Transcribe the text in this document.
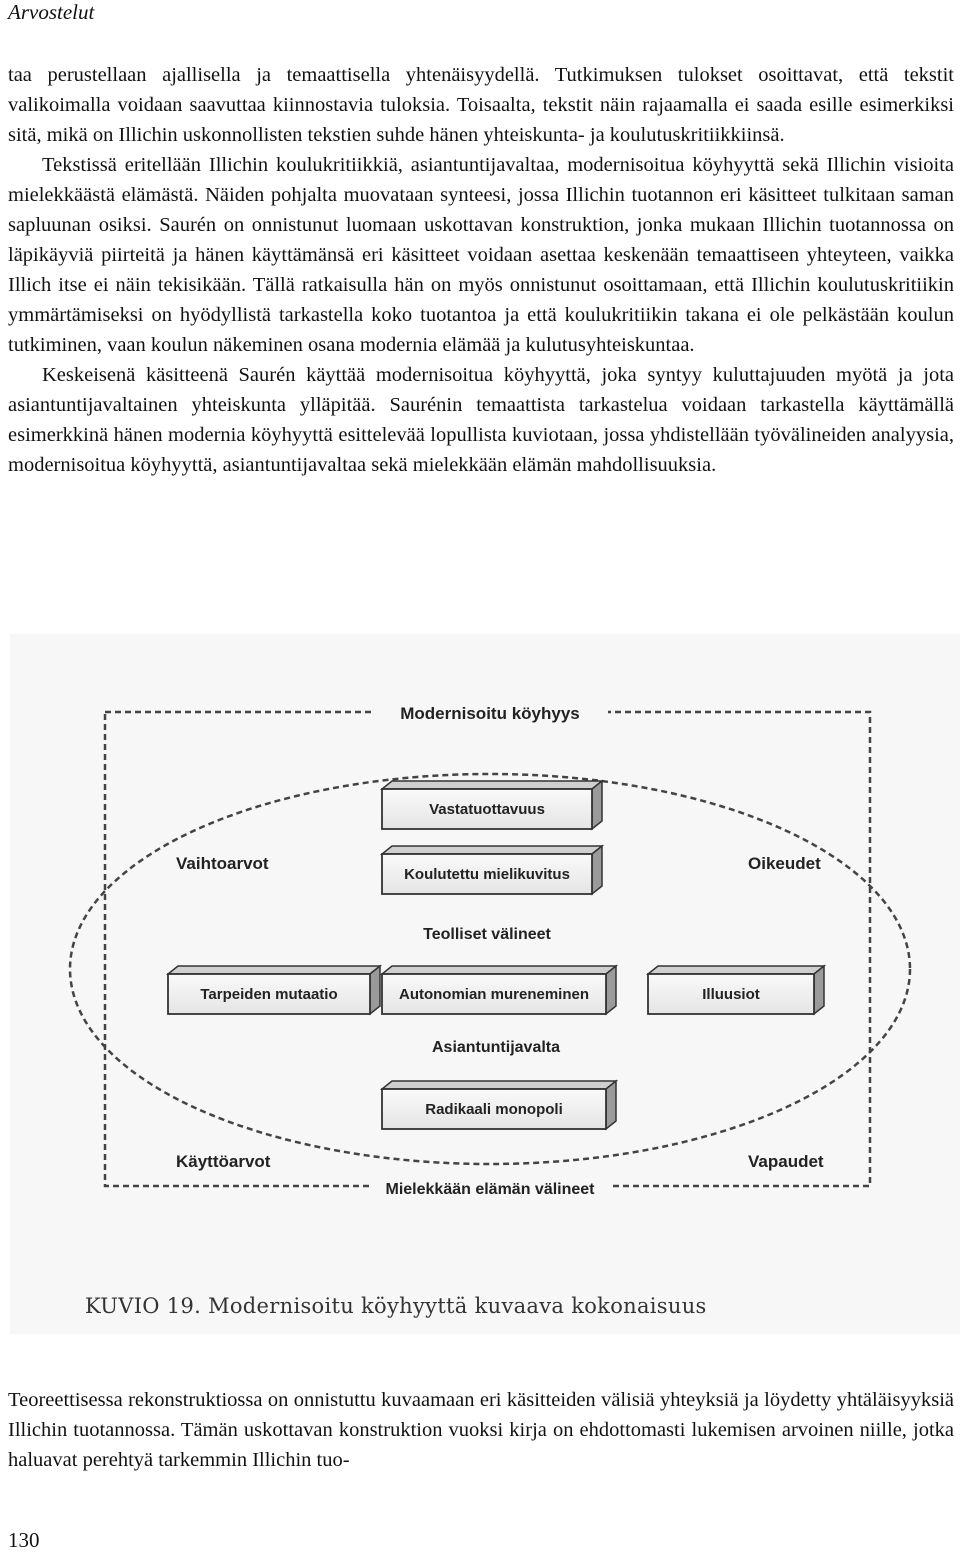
Arvostelut

taa perustellaan ajallisella ja temaattisella yhtenäisyydellä. Tutkimuksen tulokset osoittavat, että tekstit valikoimalla voidaan saavuttaa kiinnostavia tuloksia. Toisaalta, tekstit näin rajaamalla ei saada esille esimerkiksi sitä, mikä on Illichin uskonnollisten tekstien suhde hänen yhteiskunta- ja koulutuskritiikkiinsä.

Tekstissä eritellään Illichin koulukritiikkiä, asiantuntijavaltaa, modernisoitua köyhyyttä sekä Illichin visioita mielekkäästä elämästä. Näiden pohjalta muovataan synteesi, jossa Illichin tuotannon eri käsitteet tulkitaan saman sapluunan osiksi. Saurén on onnistunut luomaan uskottavan konstruktion, jonka mukaan Illichin tuotannossa on läpikäyviä piirteitä ja hänen käyttämänsä eri käsitteet voidaan asettaa keskenään temaattiseen yhteyteen, vaikka Illich itse ei näin tekisikään. Tällä ratkaisulla hän on myös onnistunut osoittamaan, että Illichin koulutuskritiikin ymmärtämiseksi on hyödyllistä tarkastella koko tuotantoa ja että koulukritiikin takana ei ole pelkästään koulun tutkiminen, vaan koulun näkeminen osana modernia elämää ja kulutusyhteiskuntaa.

Keskeisenä käsitteenä Saurén käyttää modernisoitua köyhyyttä, joka syntyy kuluttajuuden myötä ja jota asiantuntijavaltainen yhteiskunta ylläpitää. Saurénin temaattista tarkastelua voidaan tarkastella käyttämällä esimerkkinä hänen modernia köyhyyttä esittelevää lopullista kuviotaan, jossa yhdistellään työvälineiden analyysia, modernisoitua köyhyyttä, asiantuntijavaltaa sekä mielekkään elämän mahdollisuuksia.

Modernisoitu köyhyys
Mielekkään elämän välineet
Vaihtoarvot	Oikeudet
Käyttöarvot	Vapaudet
Vastatuottavuus
Koulutettu mielikuvitus
Teolliset välineet
Tarpeiden mutaatio	Autonomian mureneminen	Illuusiot
Asiantuntijavalta
Radikaali monopoli
KUVIO 19. Modernisoitu köyhyyttä kuvaava kokonaisuus

Teoreettisessa rekonstruktiossa on onnistuttu kuvaamaan eri käsitteiden välisiä yhteyksiä ja löydetty yhtäläisyyksiä Illichin tuotannossa. Tämän uskottavan konstruktion vuoksi kirja on ehdottomasti lukemisen arvoinen niille, jotka haluavat perehtyä tarkemmin Illichin tuo-

130
